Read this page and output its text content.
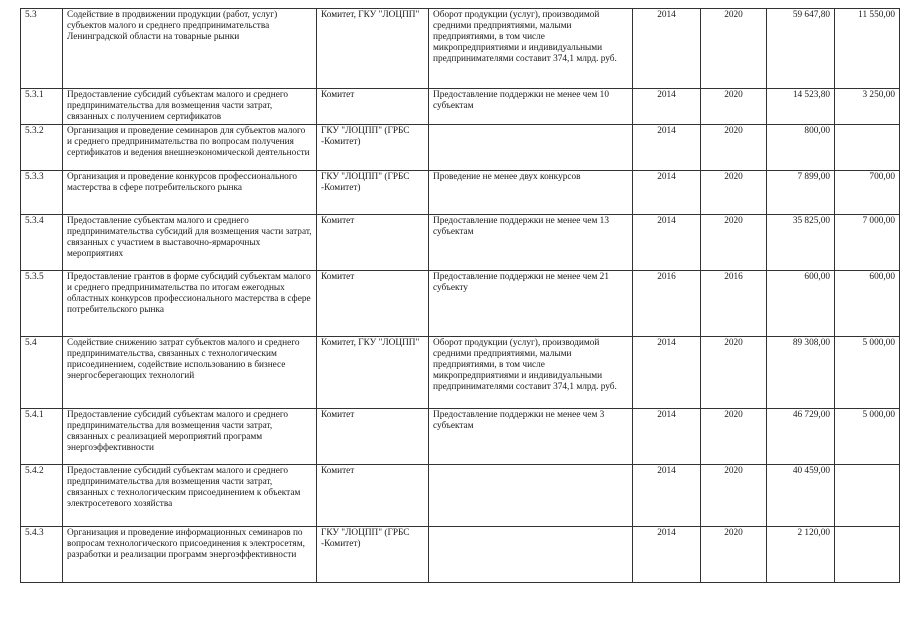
5.3	Содействие в продвижении продукции (работ, услуг) субъектов малого и среднего предпринимательства Ленинградской области на товарные рынки	Комитет, ГКУ "ЛОЦПП"	Оборот продукции (услуг), производимой средними предприятиями, малыми предприятиями, в том числе микропредприятиями и индивидуальными предпринимателями составит 374,1 млрд. руб.	2014	2020	59 647,80	11 550,00
5.3.1	Предоставление субсидий субъектам малого и среднего предпринимательства для возмещения части затрат, связанных с получением сертификатов	Комитет	Предоставление поддержки не менее чем 10 субъектам	2014	2020	14 523,80	3 250,00
5.3.2	Организация и проведение семинаров для субъектов малого и среднего предпринимательства по вопросам получения сертификатов и ведения внешнеэкономической деятельности	ГКУ "ЛОЦПП" (ГРБС -Комитет)		2014	2020	800,00	
5.3.3	Организация и проведение конкурсов профессионального мастерства в сфере потребительского рынка	ГКУ "ЛОЦПП" (ГРБС -Комитет)	Проведение не менее двух конкурсов	2014	2020	7 899,00	700,00
5.3.4	Предоставление субъектам малого и среднего предпринимательства субсидий для возмещения части затрат, связанных с участием в выставочно-ярмарочных мероприятиях	Комитет	Предоставление поддержки не менее чем 13 субъектам	2014	2020	35 825,00	7 000,00
5.3.5	Предоставление грантов в форме субсидий субъектам малого и среднего предпринимательства по итогам ежегодных областных конкурсов профессионального мастерства в сфере потребительского рынка	Комитет	Предоставление поддержки не менее чем 21 субъекту	2016	2016	600,00	600,00
5.4	Содействие снижению затрат субъектов малого и среднего предпринимательства, связанных с технологическим присоединением, содействие использованию в бизнесе энергосберегающих технологий	Комитет, ГКУ "ЛОЦПП"	Оборот продукции (услуг), производимой средними предприятиями, малыми предприятиями, в том числе микропредприятиями и индивидуальными предпринимателями составит 374,1 млрд. руб.	2014	2020	89 308,00	5 000,00
5.4.1	Предоставление субсидий субъектам малого и среднего предпринимательства для возмещения части затрат, связанных с реализацией мероприятий программ энергоэффективности	Комитет	Предоставление поддержки не менее чем 3 субъектам	2014	2020	46 729,00	5 000,00
5.4.2	Предоставление субсидий субъектам малого и среднего предпринимательства для возмещения части затрат, связанных с технологическим присоединением к объектам электросетевого хозяйства	Комитет		2014	2020	40 459,00	
5.4.3	Организация и проведение информационных семинаров по вопросам технологического присоединения к электросетям, разработки и реализации программ энергоэффективности	ГКУ "ЛОЦПП" (ГРБС -Комитет)		2014	2020	2 120,00	
